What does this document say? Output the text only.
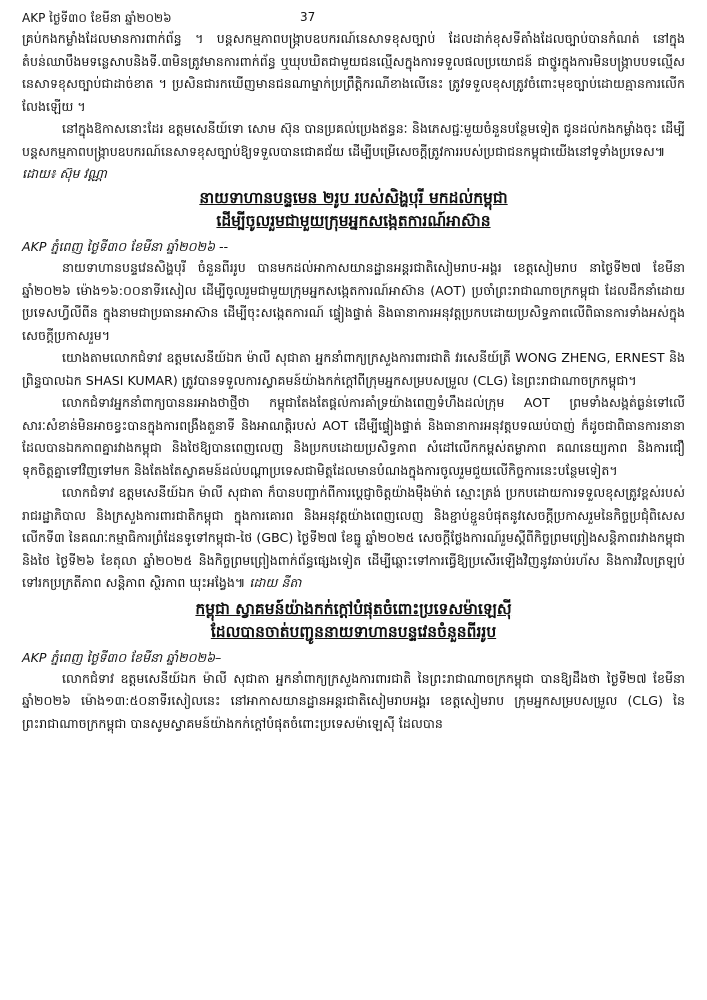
AKP ថ្ងៃទី៣០ ខែមីនា ឆ្នាំ២០២៦	37

គ្រប់កងកម្លាំងដែលមានការពាក់ព័ន្ធ ។ បន្តសកម្មភាពបង្ក្រាបឧបករណ៍នេសាទខុសច្បាប់ ដែលដាក់ខុសទីតាំងដែលច្បាប់បានកំណត់ នៅក្នុងតំបន់ឈាបឹងមទន្លេសាបនិងទី.៣មិនត្រូវមានការពាក់ព័ន្ធ ឬឃុបឃិតជាមួយជនល្មើសក្នុងការទទួលផលប្រយោជន៍ ជាថ្នូរក្នុងការមិនបង្ក្រាបបទល្មើសនេសាទខុសច្បាប់ជាដាច់ខាត ។ ប្រសិនជារកឃើញមានជនណាម្នាក់ប្រព្រឹត្តិករណីខាងលើនេះ ត្រូវទទួលខុសត្រូវចំពោះមុខច្បាប់ដោយគ្មានការលើកលែងឡើយ ។

នៅក្នុងឱកាសនោះដែរ ឧត្តមសេនីយ៍ទោ សោម ស៊ុន បានប្រគល់ប្រេងឥន្ធនៈ និងភេសជ្ជៈមួយចំនួនបន្ថែមទៀត ជូនដល់កងកម្លាំងចុះ ដើម្បីបន្តសកម្មភាពបង្ក្រាបឧបករណ៍នេសាទខុសច្បាប់ឱ្យទទួលបានជោគជ័យ ដើម្បីបម្រើសេចក្តីត្រូវការរបស់ប្រជាជនកម្ពុជាយើងនៅទូទាំងប្រទេស៕

ដោយ៖ ស៊ុម វណ្ណា

នាយទាហានបន្ទមេន ២រូប របស់សិង្ហបុរី មកដល់កម្ពុជា
ដើម្បីចូលរួមជាមួយក្រុមអ្នកសង្កេតការណ៍អាស៊ាន

AKP ភ្នំពេញ ថ្ងៃទី៣០ ខែមីនា ឆ្នាំ២០២៦ --

នាយទាហានបន្ទវេនសិង្ហបុរី ចំនួនពីររូប បានមកដល់អាកាសយានដ្ឋានអន្តរជាតិសៀមរាប-អង្គរ ខេត្តសៀមរាប នាថ្ងៃទី២៧ ខែមីនា ឆ្នាំ២០២៦ ម៉ោង១៦:០០នាទីរសៀល ដើម្បីចូលរួមជាមួយក្រុមអ្នកសង្កេតការណ៍អាស៊ាន (AOT) ប្រចាំព្រះរាជាណាចក្រកម្ពុជា ដែលដឹកនាំដោយប្រទេសហ្វីលីពីន ក្នុងនាមជាប្រធានអាស៊ាន ដើម្បីចុះសង្កេតការណ៍ ផ្ទៀងផ្ទាត់ និងធានាការអនុវត្តប្រកបដោយប្រសិទ្ធភាពលើពិធានការទាំងអស់ក្នុងសេចក្តីប្រកាសរួម។

យោងតាមលោកជំទាវ ឧត្តមសេនីយ៍ឯក ម៉ាលី សុជាតា អ្នកនាំពាក្យក្រសួងការពារជាតិ វរសេនីយ៍ត្រី WONG ZHENG, ERNEST និងព្រិន្ទបាលឯក SHASI KUMAR) ត្រូវបានទទួលការស្វាគមន៍យ៉ាងកក់ក្តៅពីក្រុមអ្នកសម្របសម្រួល (CLG) នៃព្រះរាជាណាចក្រកម្ពុជា។

លោកជំទាវអ្នកនាំពាក្យបាននរអាងថាថ្មីថា កម្ពុជាតែងតែផ្តល់ការគាំទ្រយ៉ាងពេញទំហឹងដល់ក្រុម AOT ព្រមទាំងសង្កត់ធ្ងន់ទៅលើសារៈសំខាន់មិនអាចខ្វះបានក្នុងការពង្រឹងតួនាទី និងអាណត្តិរបស់ AOT ដើម្បីផ្ទៀងផ្ទាត់ និងធានាការអនុវត្តបទឈប់បាញ់ ក៏ដូចជាពិធានការនានា ដែលបានឯកភាពគ្នារវាងកម្ពុជា និងថៃឱ្យបានពេញលេញ និងប្រកបដោយប្រសិទ្ធភាព សំដៅលើកកម្ពស់តម្លាភាព គណនេយ្យភាព និងការជឿទុកចិត្តគ្នាទៅវិញទៅមក និងតែងតែស្វាគមន៍ដល់បណ្តាប្រទេសជាមិត្តដែលមានបំណងក្នុងការចូលរួមជួយលើកិច្ចការនេះបន្ថែមទៀត។

លោកជំទាវ ឧត្តមសេនីយ៍ឯក ម៉ាលី សុជាតា ក៏បានបញ្ជាក់ពីការប្តេជ្ញាចិត្តយ៉ាងម៉ឺងម៉ាត់ ស្មោះត្រង់ ប្រកបដោយការទទួលខុសត្រូវខ្ពស់របស់រាជរដ្ឋាភិបាល និងក្រសួងការពារជាតិកម្ពុជា ក្នុងការគោរព និងអនុវត្តយ៉ាងពេញលេញ និងខ្ជាប់ខ្ជួនបំផុតនូវសេចក្តីប្រកាសរួមនៃកិច្ចប្រជុំពិសេសលើកទី៣ នៃគណៈកម្មាធិការព្រំដែនទូទៅកម្ពុជា-ថៃ (GBC) ថ្ងៃទី២៧ ខែធ្នូ ឆ្នាំ២០២៥ សេចក្តីថ្លែងការណ៍រួមស្តីពីកិច្ចព្រមព្រៀងសន្តិភាពរវាងកម្ពុជានិងថៃ ថ្ងៃទី២៦ ខែតុលា ឆ្នាំ២០២៥ និងកិច្ចព្រមព្រៀងពាក់ព័ន្ធផ្សេងទៀត ដើម្បីឆ្ពោះទៅការធ្វើឱ្យប្រសើរឡើងវិញនូវឆាប់រហ័ស និងការវិលត្រឡប់ទៅរកប្រក្រតីភាព សន្តិភាព ស្ថិរភាព ឃុះអង្វែង៕ ដោយ នីតា

កម្ពុជា ស្វាគមន៍យ៉ាងកក់ក្តៅបំផុតចំពោះប្រទេសម៉ាឡេស៊ី
ដែលបានចាត់បញ្ជូននាយទាហានបន្ទវេនចំនួនពីររូប

AKP ភ្នំពេញ ថ្ងៃទី៣០ ខែមីនា ឆ្នាំ២០២៦–

លោកជំទាវ ឧត្តមសេនីយ៍ឯក ម៉ាលី សុជាតា អ្នកនាំពាក្យក្រសួងការពារជាតិ នៃព្រះរាជាណាចក្រកម្ពុជា បានឱ្យដឹងថា ថ្ងៃទី២៧ ខែមីនា ឆ្នាំ២០២៦ ម៉ោង១៣:៥០នាទីរសៀលនេះ នៅអាកាសយានដ្ឋានអន្តរជាតិសៀមរាបអង្គរ ខេត្តសៀមរាប ក្រុមអ្នកសម្របសម្រួល (CLG) នៃព្រះរាជាណាចក្រកម្ពុជា បានសូមស្វាគមន៍យ៉ាងកក់ក្តៅបំផុតចំពោះប្រទេសម៉ាឡេស៊ី ដែលបាន
